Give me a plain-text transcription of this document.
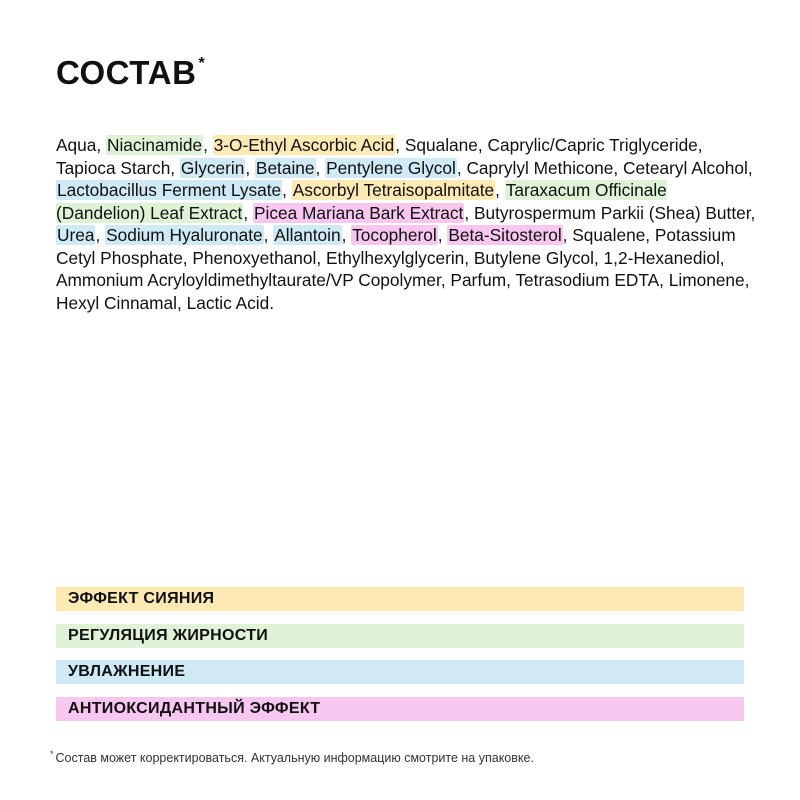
СОСТАВ *

Aqua, Niacinamide, 3-O-Ethyl Ascorbic Acid, Squalane, Caprylic/Capric Triglyceride, Tapioca Starch, Glycerin, Betaine, Pentylene Glycol, Caprylyl Methicone, Cetearyl Alcohol, Lactobacillus Ferment Lysate, Ascorbyl Tetraisopalmitate, Taraxacum Officinale (Dandelion) Leaf Extract, Picea Mariana Bark Extract, Butyrospermum Parkii (Shea) Butter, Urea, Sodium Hyaluronate, Allantoin, Tocopherol, Beta-Sitosterol, Squalene, Potassium Cetyl Phosphate, Phenoxyethanol, Ethylhexylglycerin, Butylene Glycol, 1,2-Hexanediol, Ammonium Acryloyldimethyltaurate/VP Copolymer, Parfum, Tetrasodium EDTA, Limonene, Hexyl Cinnamal, Lactic Acid.

ЭФФЕКТ СИЯНИЯ
РЕГУЛЯЦИЯ ЖИРНОСТИ
УВЛАЖНЕНИЕ
АНТИОКСИДАНТНЫЙ ЭФФЕКТ
* Состав может корректироваться. Актуальную информацию смотрите на упаковке.
